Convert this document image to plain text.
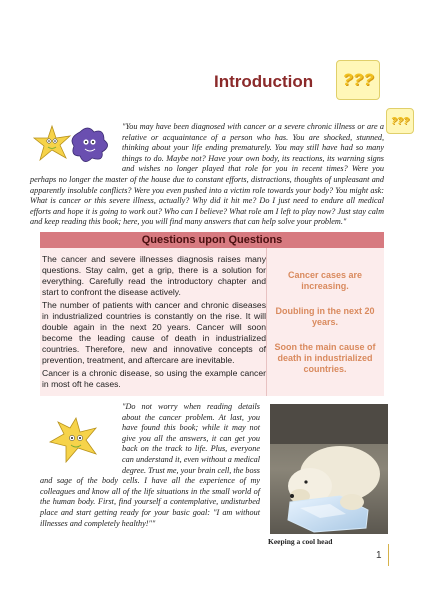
Introduction	???
???
"You may have been diagnosed with cancer or a severe chronic illness or are a relative or acquaintance of a person who has. You are shocked, stunned, thinking about your life ending prematurely. You may still have had so many things to do. Maybe not? Have your own body, its reactions, its warning signs and wishes no longer played that role for you in recent times? Were you perhaps no longer the master of the house due to constant efforts, distractions, thoughts of unpleasant and apparently insoluble conflicts? Were you even pushed into a victim role towards your body? You might ask: What is cancer or this severe illness, actually? Why did it hit me? Do I just need to endure all medical efforts and hope it is going to work out? Who can I believe? What role am I left to play now? Just stay calm and keep reading this book; here, you will find many answers that can help solve your problem."
Questions upon Questions

The cancer and severe illnesses diagnosis raises many questions. Stay calm, get a grip, there is a solution for everything. Carefully read the introductory chapter and start to confront the disease actively.

The number of patients with cancer and chronic diseases in industrialized countries is constantly on the rise. It will double again in the next 20 years. Cancer will soon become the leading cause of death in industrialized countries. Therefore, new and innovative concepts of prevention, treatment, and aftercare are inevitable.

Cancer is a chronic disease, so using the example cancer in most oft he cases.

Cancer cases are increasing.

Doubling in the next 20 years.

Soon the main cause of death in industrialized countries.

"Do not worry when reading details about the cancer problem. At last, you have found this book; while it may not give you all the answers, it can get you back on the track to life. Plus, everyone can understand it, even without a medical degree. Trust me, your brain cell, the boss and sage of the body cells. I have all the experience of my colleagues and know all of the life situations in the small world of the human body. First, find yourself a contemplative, undisturbed place and start getting ready for your basic goal: "I am without illnesses and completely healthy!""
Keeping a cool head
1
